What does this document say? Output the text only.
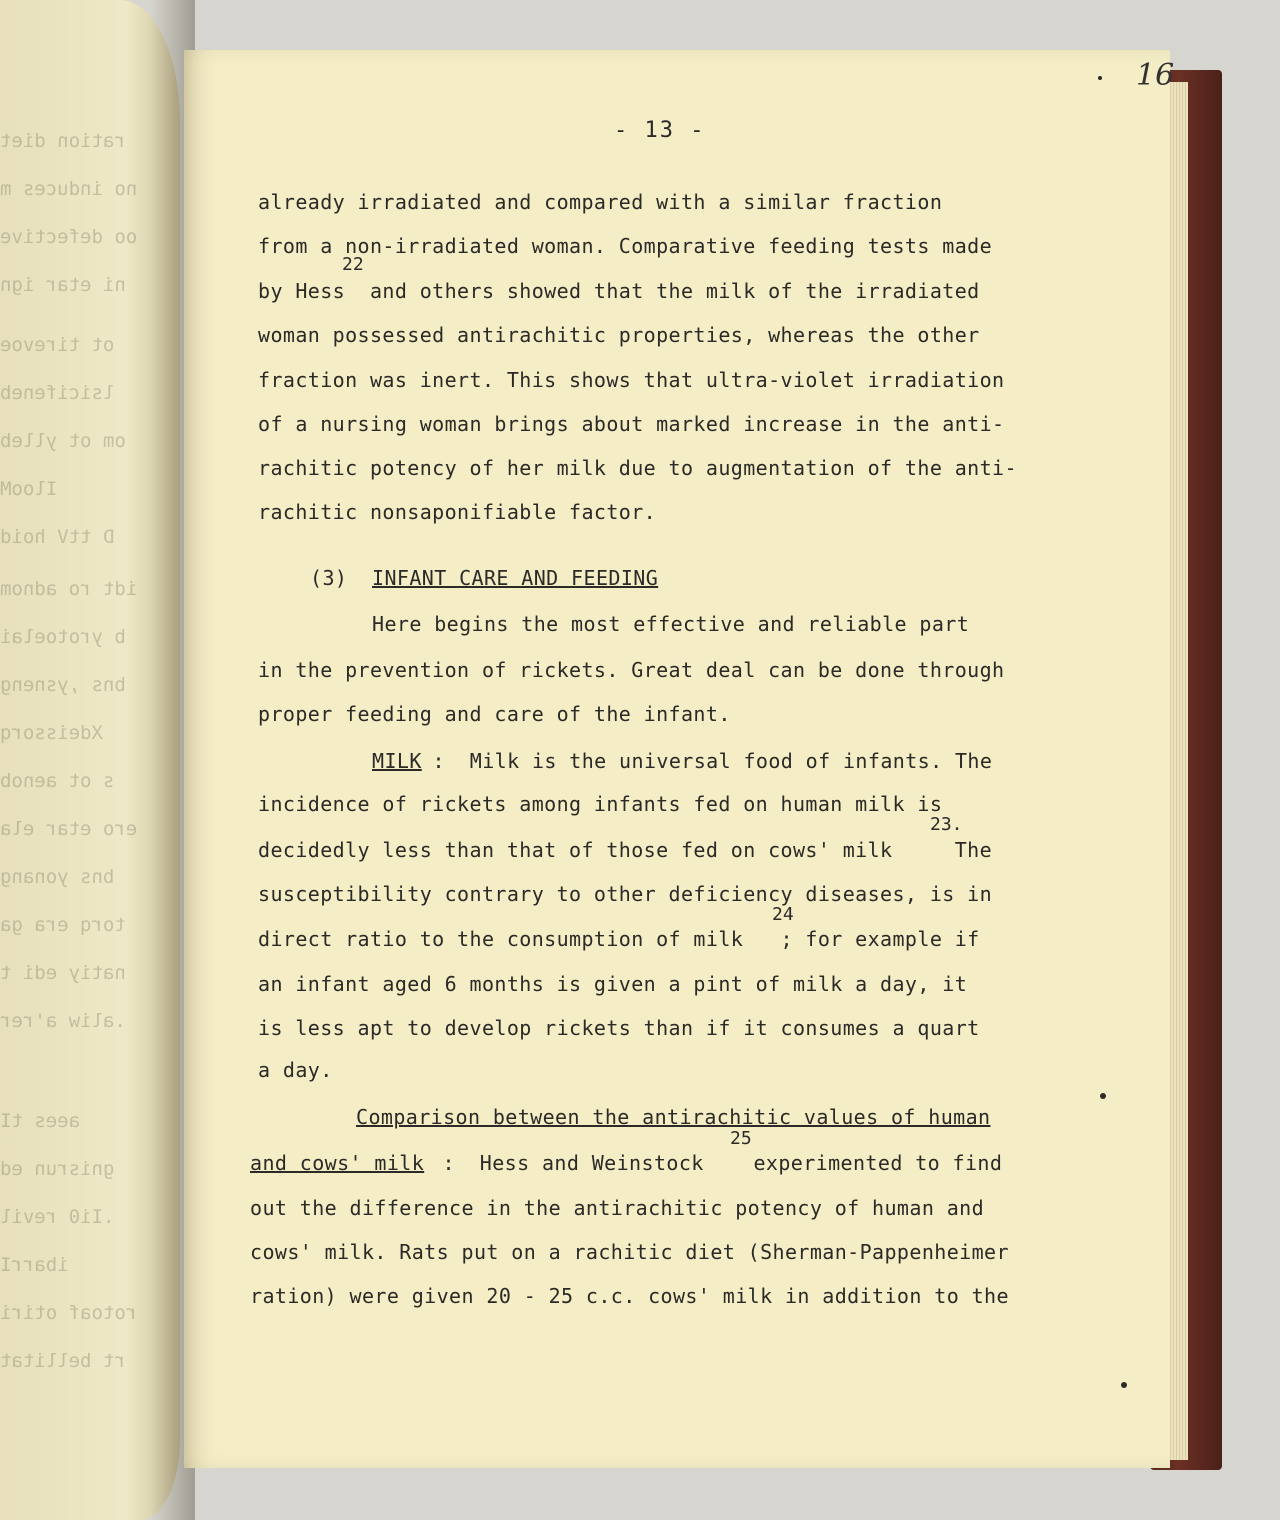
ration diet
no induces m
oo defective
ni etar ign
ot tirevoe
lsicifeneb
om ot ylleb
IlooM
D ttV hoid
idt ro adnom
b yrotoelai
bns ,ysneng
Xdeissorq
s ot aenob
ero etar ela
bns yonang
torq era ga
natiy edi t
.aliw a'rer
aees tI
gnisrun ed
.Ii0 revil
ibarrI
rotoaf otiri
rt bellitat
16
- 13 -
already irradiated and compared with a similar fraction
from a non-irradiated woman. Comparative feeding tests made
22
by Hess  and others showed that the milk of the irradiated
woman possessed antirachitic properties, whereas the other
fraction was inert. This shows that ultra-violet irradiation
of a nursing woman brings about marked increase in the anti-
rachitic potency of her milk due to augmentation of the anti-
rachitic nonsaponifiable factor.
(3) INFANT CARE AND FEEDING
Here begins the most effective and reliable part
in the prevention of rickets. Great deal can be done through
proper feeding and care of the infant.
MILK
:  Milk is the universal food of infants. The
incidence of rickets among infants fed on human milk is
23.
decidedly less than that of those fed on cows' milk     The
susceptibility contrary to other deficiency diseases, is in
24
direct ratio to the consumption of milk   ; for example if
an infant aged 6 months is given a pint of milk a day, it
is less apt to develop rickets than if it consumes a quart
a day.
Comparison between the antirachitic values of human
25
and cows' milk :  Hess and Weinstock    experimented to find
out the difference in the antirachitic potency of human and
cows' milk. Rats put on a rachitic diet (Sherman-Pappenheimer
ration) were given 20 - 25 c.c. cows' milk in addition to the
